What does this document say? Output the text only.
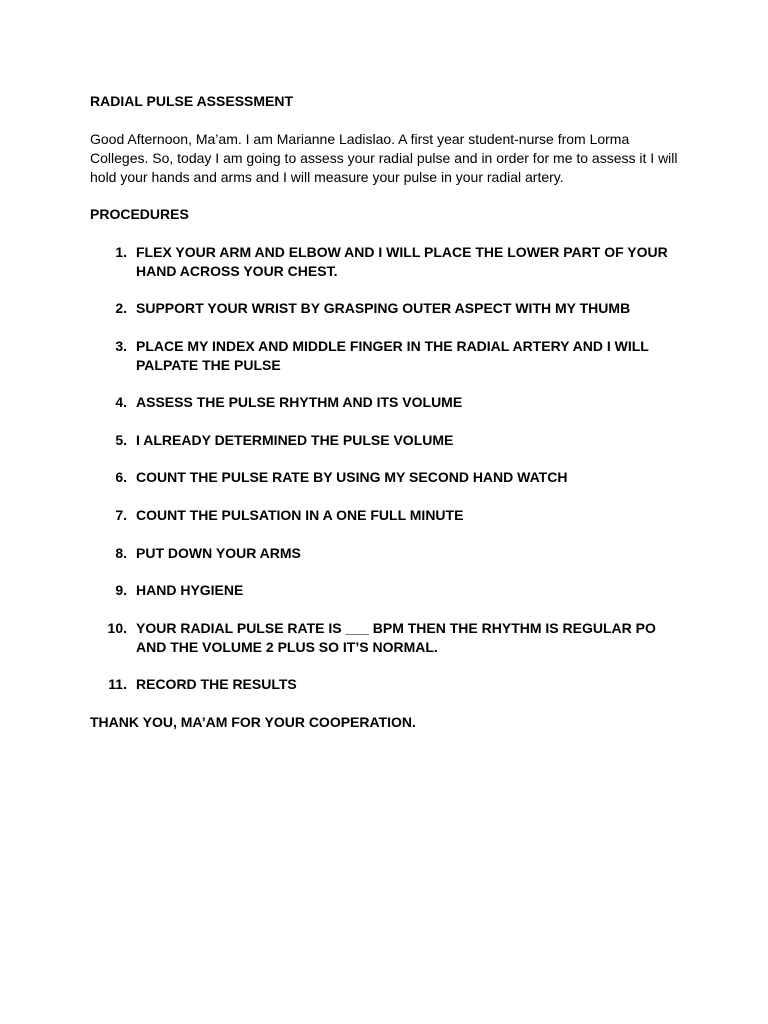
RADIAL PULSE ASSESSMENT
Good Afternoon, Ma’am. I am Marianne Ladislao. A first year student-nurse from Lorma
Colleges. So, today I am going to assess your radial pulse and in order for me to assess it I will
hold your hands and arms and I will measure your pulse in your radial artery.
PROCEDURES
1. FLEX YOUR ARM AND ELBOW AND I WILL PLACE THE LOWER PART OF YOUR
HAND ACROSS YOUR CHEST.
2. SUPPORT YOUR WRIST BY GRASPING OUTER ASPECT WITH MY THUMB
3. PLACE MY INDEX AND MIDDLE FINGER IN THE RADIAL ARTERY AND I WILL
PALPATE THE PULSE
4. ASSESS THE PULSE RHYTHM AND ITS VOLUME
5. I ALREADY DETERMINED THE PULSE VOLUME
6. COUNT THE PULSE RATE BY USING MY SECOND HAND WATCH
7. COUNT THE PULSATION IN A ONE FULL MINUTE
8. PUT DOWN YOUR ARMS
9. HAND HYGIENE
10. YOUR RADIAL PULSE RATE IS ___ BPM THEN THE RHYTHM IS REGULAR PO
AND THE VOLUME 2 PLUS SO IT’S NORMAL.
11. RECORD THE RESULTS
THANK YOU, MA’AM FOR YOUR COOPERATION.
